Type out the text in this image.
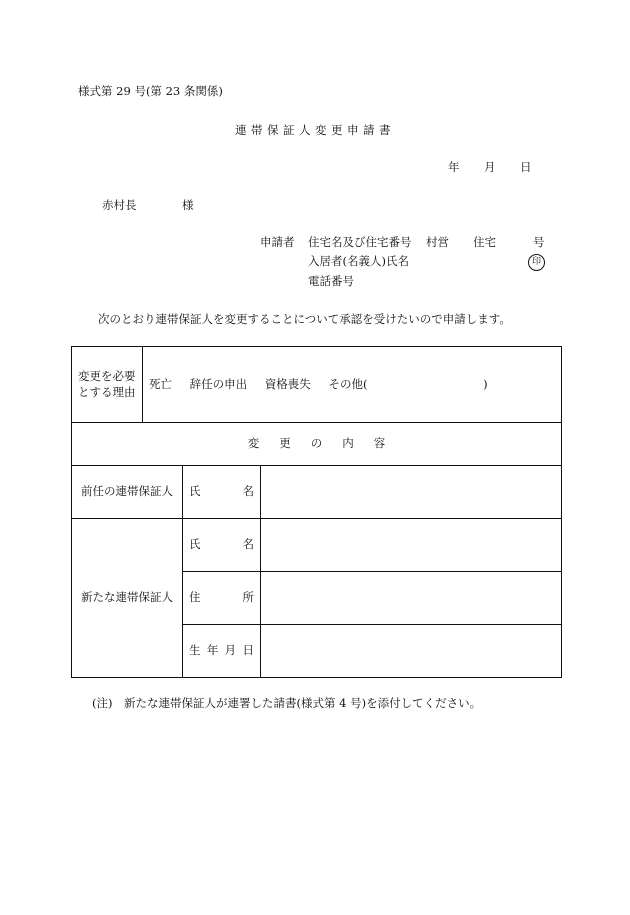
様式第 29 号(第 23 条関係)
連帯保証人変更申請書
年 月 日
赤村長	様
申請者 住宅名及び住宅番号 村営 住宅	号
入居者(名義人)氏名	印
電話番号
次のとおり連帯保証人を変更することについて承認を受けたいので申請します。
変更を必要とする理由	死亡 辞任の申出 資格喪失 その他( )		
変更の内容			
前任の連帯保証人		氏 名	

新たな連帯保証人		氏 名	

		住 所	

		生 年 月 日	

(注)　新たな連帯保証人が連署した請書(様式第 4 号)を添付してください。
